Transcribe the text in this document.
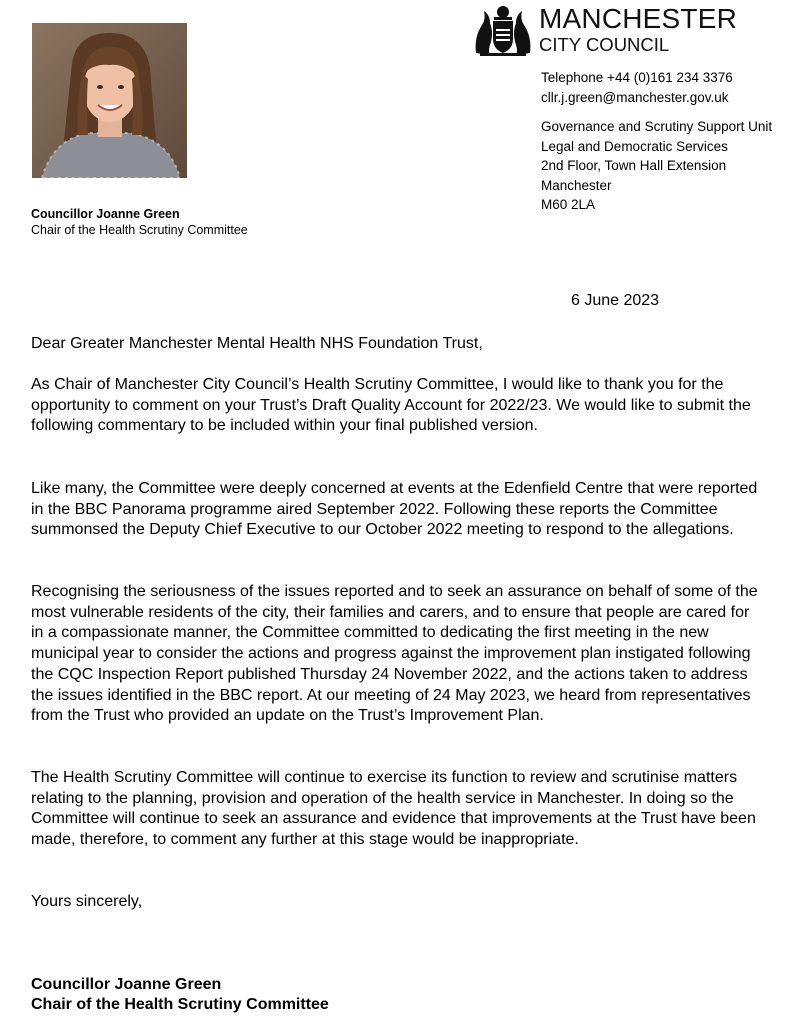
Councillor Joanne Green
Chair of the Health Scrutiny Committee
MANCHESTER
CITY COUNCIL
Telephone +44 (0)161 234 3376
cllr.j.green@manchester.gov.uk
Governance and Scrutiny Support Unit
Legal and Democratic Services
2nd Floor, Town Hall Extension
Manchester
M60 2LA
6 June 2023

Dear Greater Manchester Mental Health NHS Foundation Trust,

As Chair of Manchester City Council’s Health Scrutiny Committee, I would like to thank you for the opportunity to comment on your Trust’s Draft Quality Account for 2022/23. We would like to submit the following commentary to be included within your final published version.

Like many, the Committee were deeply concerned at events at the Edenfield Centre that were reported in the BBC Panorama programme aired September 2022. Following these reports the Committee summonsed the Deputy Chief Executive to our October 2022 meeting to respond to the allegations.

Recognising the seriousness of the issues reported and to seek an assurance on behalf of some of the most vulnerable residents of the city, their families and carers, and to ensure that people are cared for in a compassionate manner, the Committee committed to dedicating the first meeting in the new municipal year to consider the actions and progress against the improvement plan instigated following the CQC Inspection Report published Thursday 24 November 2022, and the actions taken to address the issues identified in the BBC report. At our meeting of 24 May 2023, we heard from representatives from the Trust who provided an update on the Trust’s Improvement Plan.

The Health Scrutiny Committee will continue to exercise its function to review and scrutinise matters relating to the planning, provision and operation of the health service in Manchester. In doing so the Committee will continue to seek an assurance and evidence that improvements at the Trust have been made, therefore, to comment any further at this stage would be inappropriate.

Yours sincerely,

Councillor Joanne Green
Chair of the Health Scrutiny Committee
